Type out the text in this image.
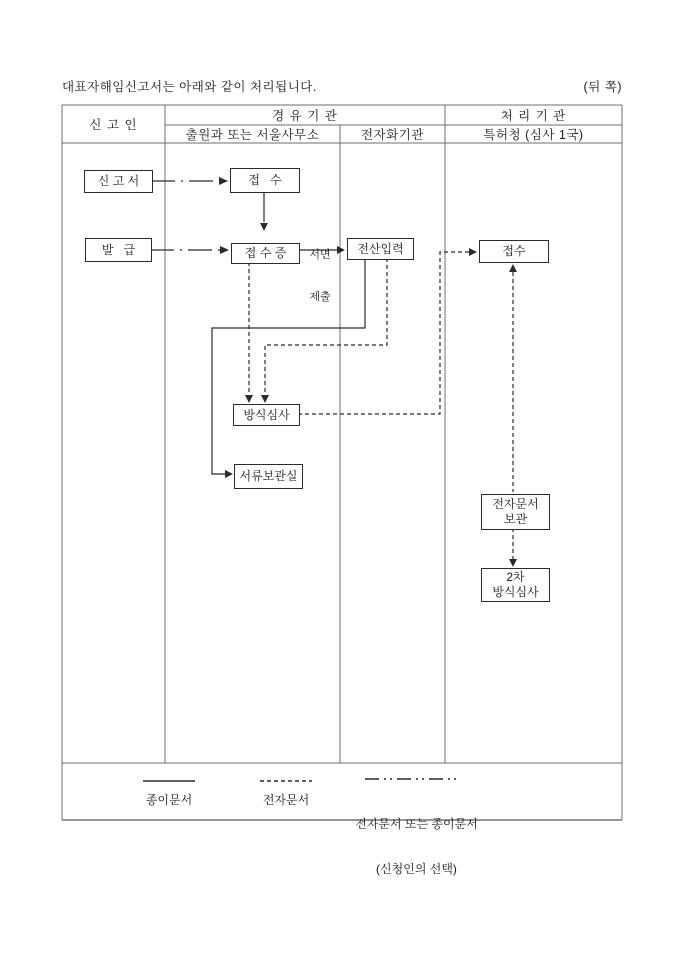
대표자해임신고서는 아래와 같이 처리됩니다.	(뒤 쪽)
신 고 인
경 유 기 관	처 리 기 관
출원과 또는 서울사무소	전자화기관	특허청 (심사 1국)
신 고 서
발   급
접   수
접 수 증	전산입력	접수
방식심사
서류보관실
전자문서
보관
2차
방식심사

서면

제출

종이문서	전자문서

전자문서 또는 종이문서

(신청인의 선택)
